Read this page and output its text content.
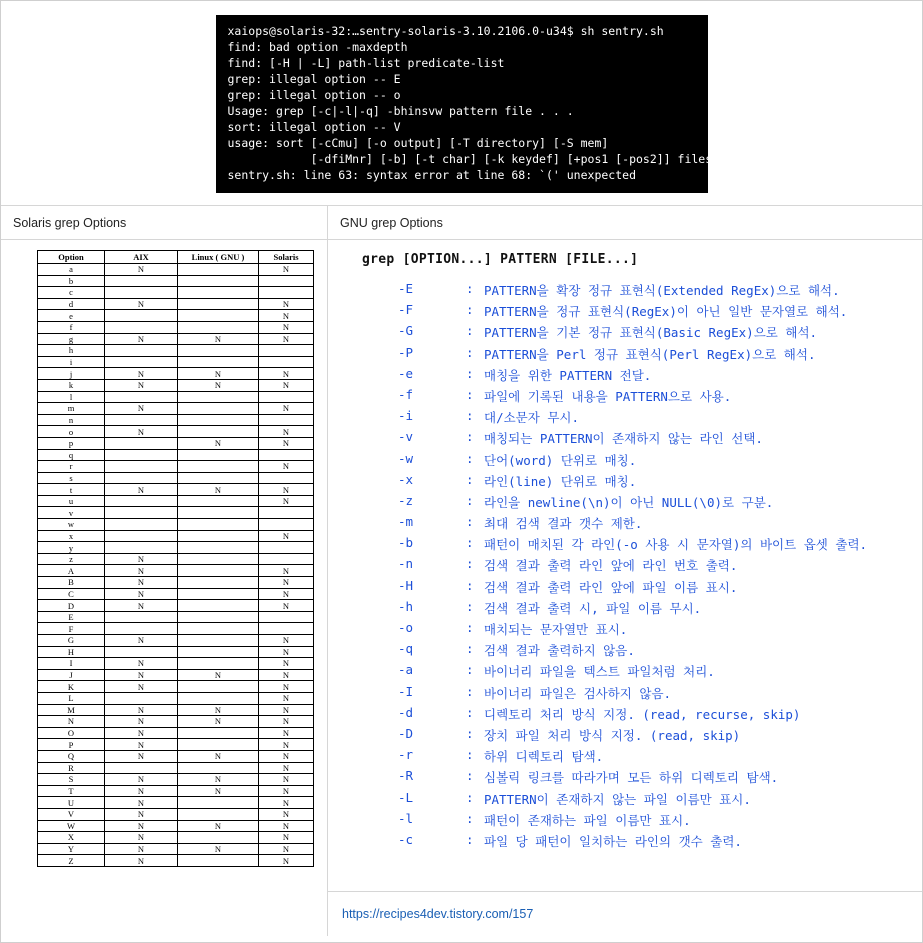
xaiops@solaris-32:…sentry-solaris-3.10.2106.0-u34$ sh sentry.sh
find: bad option -maxdepth
find: [-H | -L] path-list predicate-list
grep: illegal option -- E
grep: illegal option -- o
Usage: grep [-c|-l|-q] -bhinsvw pattern file . . .
sort: illegal option -- V
usage: sort [-cCmu] [-o output] [-T directory] [-S mem]
[-dfiMnr] [-b] [-t char] [-k keydef] [+pos1 [-pos2]] files...
sentry.sh: line 63: syntax error at line 68: `(' unexpected
Solaris grep Options
Option	AIX	Linux ( GNU )	Solaris
a	N		N
b			
c			
d	N		N
e			N
f			N
g	N	N	N
h			
i			
j	N	N	N
k	N	N	N
l			
m	N		N
n			
o	N		N
p		N	N
q			
r			N
s			
t	N	N	N
u			N
v			
w			
x			N
y			
z	N		
A	N		N
B	N		N
C	N		N
D	N		N
E			
F			
G	N		N
H			N
I	N		N
J	N	N	N
K	N		N
L			N
M	N	N	N
N	N	N	N
O	N		N
P	N		N
Q	N	N	N
R			N
S	N	N	N
T	N	N	N
U	N		N
V	N		N
W	N	N	N
X	N		N
Y	N	N	N
Z	N		N
GNU grep Options
grep [OPTION...] PATTERN [FILE...]
-E	: PATTERN을 확장 정규 표현식(Extended RegEx)으로 해석.
-F	: PATTERN을 정규 표현식(RegEx)이 아닌 일반 문자열로 해석.
-G	: PATTERN을 기본 정규 표현식(Basic RegEx)으로 해석.
-P	: PATTERN을 Perl 정규 표현식(Perl RegEx)으로 해석.
-e	: 매칭을 위한 PATTERN 전달.
-f	: 파일에 기록된 내용을 PATTERN으로 사용.
-i	: 대/소문자 무시.
-v	: 매칭되는 PATTERN이 존재하지 않는 라인 선택.
-w	: 단어(word) 단위로 매칭.
-x	: 라인(line) 단위로 매칭.
-z	: 라인을 newline(\n)이 아닌 NULL(\0)로 구분.
-m	: 최대 검색 결과 갯수 제한.
-b	: 패턴이 매치된 각 라인(-o 사용 시 문자열)의 바이트 옵셋 출력.
-n	: 검색 결과 출력 라인 앞에 라인 번호 출력.
-H	: 검색 결과 출력 라인 앞에 파일 이름 표시.
-h	: 검색 결과 출력 시, 파일 이름 무시.
-o	: 매치되는 문자열만 표시.
-q	: 검색 결과 출력하지 않음.
-a	: 바이너리 파일을 텍스트 파일처럼 처리.
-I	: 바이너리 파일은 검사하지 않음.
-d	: 디렉토리 처리 방식 지정. (read, recurse, skip)
-D	: 장치 파일 처리 방식 지정. (read, skip)
-r	: 하위 디렉토리 탐색.
-R	: 심볼릭 링크를 따라가며 모든 하위 디렉토리 탐색.
-L	: PATTERN이 존재하지 않는 파일 이름만 표시.
-l	: 패턴이 존재하는 파일 이름만 표시.
-c	: 파일 당 패턴이 일치하는 라인의 갯수 출력.
https://recipes4dev.tistory.com/157
